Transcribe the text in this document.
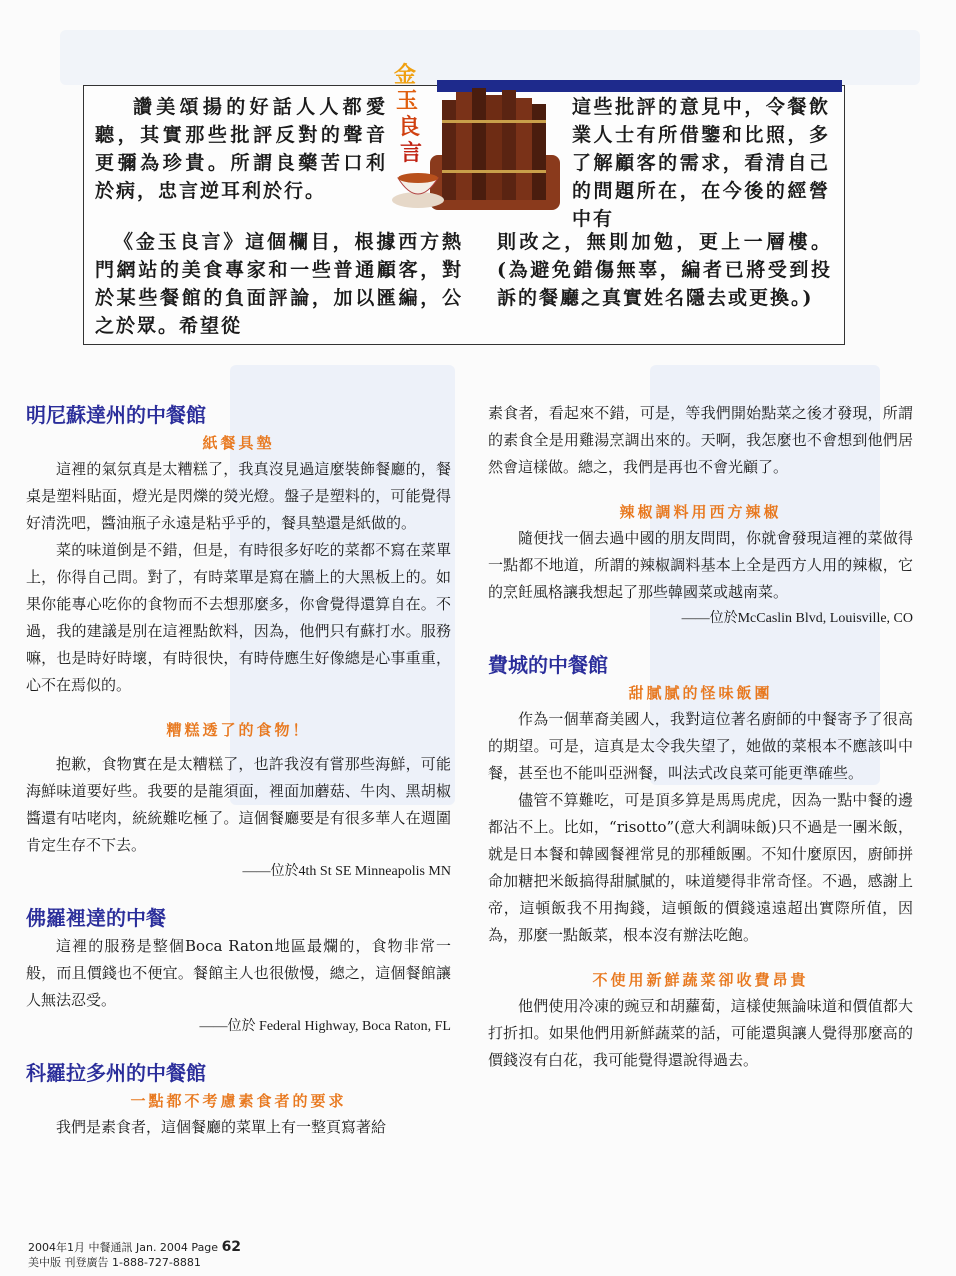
讚美頌揚的好話人人都愛聽，其實那些批評反對的聲音更彌為珍貴。所謂良藥苦口利於病，忠言逆耳利於行。

這些批評的意見中，令餐飲業人士有所借鑒和比照，多了解顧客的需求，看清自己的問題所在，在今後的經營中有

《金玉良言》這個欄目，根據西方熱門網站的美食專家和一些普通顧客，對於某些餐館的負面評論，加以匯編，公之於眾。希望從

則改之，無則加勉，更上一層樓。(為避免錯傷無辜，編者已將受到投訴的餐廳之真實姓名隱去或更換。)

金
玉
良
言
明尼蘇達州的中餐館
紙餐具墊

這裡的氣氛真是太糟糕了，我真沒見過這麼裝飾餐廳的，餐桌是塑料貼面，燈光是閃爍的熒光燈。盤子是塑料的，可能覺得好清洗吧，醬油瓶子永遠是粘乎乎的，餐具墊還是紙做的。

菜的味道倒是不錯，但是，有時很多好吃的菜都不寫在菜單上，你得自己問。對了，有時菜單是寫在牆上的大黑板上的。如果你能專心吃你的食物而不去想那麼多，你會覺得還算自在。不過，我的建議是別在這裡點飲料，因為，他們只有蘇打水。服務嘛，也是時好時壞，有時很快，有時侍應生好像總是心事重重，心不在焉似的。

糟糕透了的食物！

抱歉，食物實在是太糟糕了，也許我沒有嘗那些海鮮，可能海鮮味道要好些。我要的是龍須面，裡面加蘑菇、牛肉、黑胡椒醬還有咕咾肉，統統難吃極了。這個餐廳要是有很多華人在週圍肯定生存不下去。

——位於4th St SE Minneapolis MN

佛羅裡達的中餐

這裡的服務是整個Boca Raton地區最爛的，食物非常一般，而且價錢也不便宜。餐館主人也很傲慢，總之，這個餐館讓人無法忍受。

——位於 Federal Highway, Boca Raton, FL

科羅拉多州的中餐館
一點都不考慮素食者的要求

我們是素食者，這個餐廳的菜單上有一整頁寫著給

素食者，看起來不錯，可是，等我們開始點菜之後才發現，所謂的素食全是用雞湯烹調出來的。天啊，我怎麼也不會想到他們居然會這樣做。總之，我們是再也不會光顧了。

辣椒調料用西方辣椒

隨便找一個去過中國的朋友問問，你就會發現這裡的菜做得一點都不地道，所謂的辣椒調料基本上全是西方人用的辣椒，它的烹飪風格讓我想起了那些韓國菜或越南菜。

——位於McCaslin Blvd, Louisville, CO

費城的中餐館
甜膩膩的怪味飯團

作為一個華裔美國人，我對這位著名廚師的中餐寄予了很高的期望。可是，這真是太令我失望了，她做的菜根本不應該叫中餐，甚至也不能叫亞洲餐，叫法式改良菜可能更準確些。

儘管不算難吃，可是頂多算是馬馬虎虎，因為一點中餐的邊都沾不上。比如，“risotto”(意大利調味飯)只不過是一團米飯，就是日本餐和韓國餐裡常見的那種飯團。不知什麼原因，廚師拼命加糖把米飯搞得甜膩膩的，味道變得非常奇怪。不過，感謝上帝，這頓飯我不用掏錢，這頓飯的價錢遠遠超出實際所值，因為，那麼一點飯菜，根本沒有辦法吃飽。

不使用新鮮蔬菜卻收費昂貴

他們使用冷凍的豌豆和胡蘿蔔，這樣使無論味道和價值都大打折扣。如果他們用新鮮蔬菜的話，可能還與讓人覺得那麼高的價錢沒有白花，我可能覺得還說得過去。

2004年1月 中餐通訊 Jan. 2004 Page 62
美中版 刊登廣告 1-888-727-8881
